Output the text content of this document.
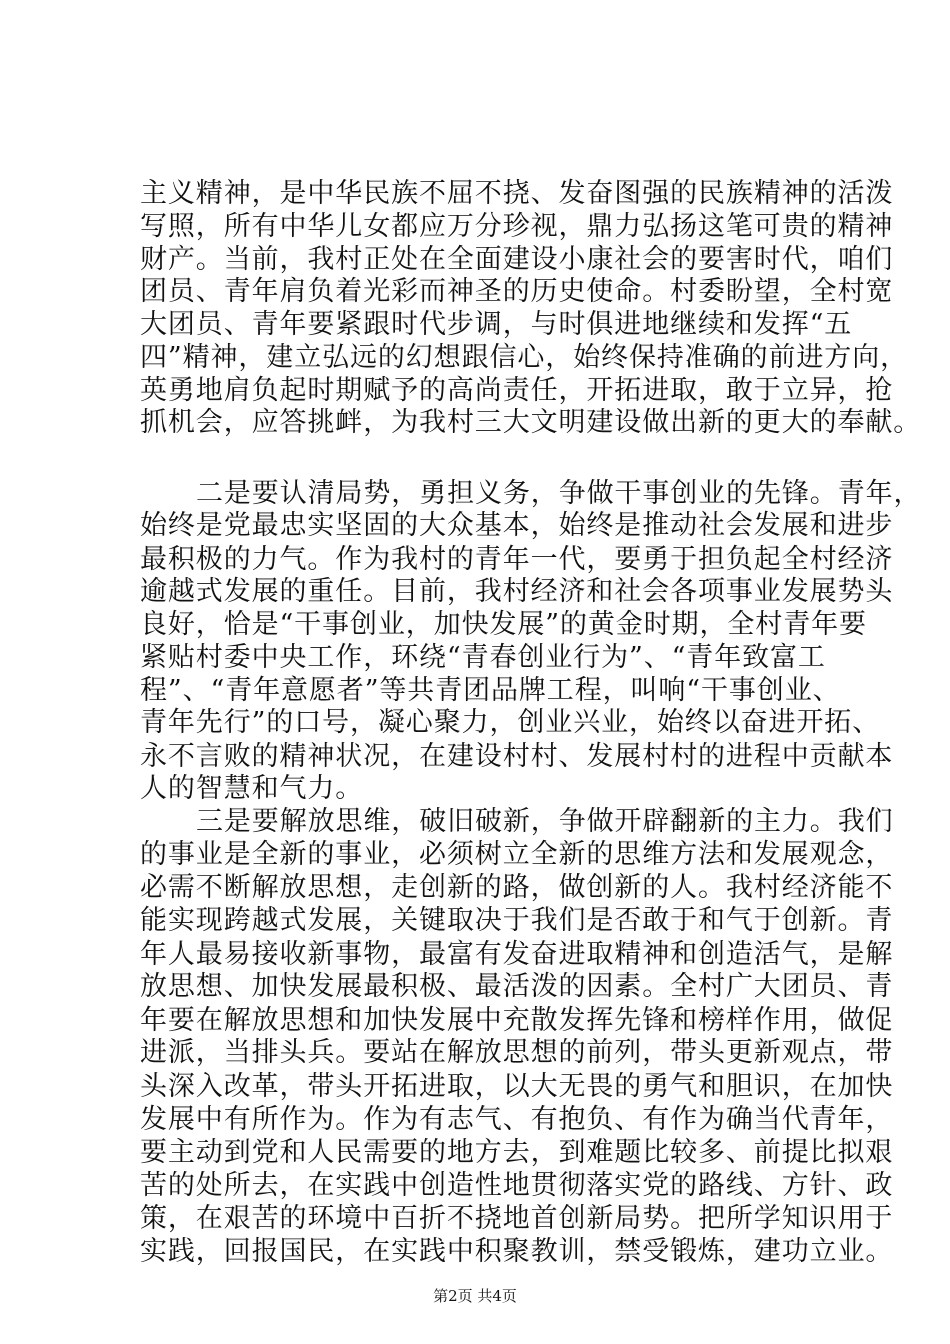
主义精神，是中华民族不屈不挠、发奋图强的民族精神的活泼
写照，所有中华儿女都应万分珍视，鼎力弘扬这笔可贵的精神
财产。当前，我村正处在全面建设小康社会的要害时代，咱们
团员、青年肩负着光彩而神圣的历史使命。村委盼望，全村宽
大团员、青年要紧跟时代步调，与时俱进地继续和发挥“五
四”精神，建立弘远的幻想跟信心，始终保持准确的前进方向，
英勇地肩负起时期赋予的高尚责任，开拓进取，敢于立异，抢
抓机会，应答挑衅，为我村三大文明建设做出新的更大的奉献。
二是要认清局势，勇担义务，争做干事创业的先锋。青年，
始终是党最忠实坚固的大众基本，始终是推动社会发展和进步
最积极的力气。作为我村的青年一代，要勇于担负起全村经济
逾越式发展的重任。目前，我村经济和社会各项事业发展势头
良好，恰是“干事创业，加快发展”的黄金时期，全村青年要
紧贴村委中央工作，环绕“青春创业行为”、“青年致富工
程”、“青年意愿者”等共青团品牌工程，叫响“干事创业、
青年先行”的口号，凝心聚力，创业兴业，始终以奋进开拓、
永不言败的精神状况，在建设村村、发展村村的进程中贡献本
人的智慧和气力。
三是要解放思维，破旧破新，争做开辟翻新的主力。我们
的事业是全新的事业，必须树立全新的思维方法和发展观念，
必需不断解放思想，走创新的路，做创新的人。我村经济能不
能实现跨越式发展，关键取决于我们是否敢于和气于创新。青
年人最易接收新事物，最富有发奋进取精神和创造活气，是解
放思想、加快发展最积极、最活泼的因素。全村广大团员、青
年要在解放思想和加快发展中充散发挥先锋和榜样作用，做促
进派，当排头兵。要站在解放思想的前列，带头更新观点，带
头深入改革，带头开拓进取，以大无畏的勇气和胆识，在加快
发展中有所作为。作为有志气、有抱负、有作为确当代青年，
要主动到党和人民需要的地方去，到难题比较多、前提比拟艰
苦的处所去，在实践中创造性地贯彻落实党的路线、方针、政
策，在艰苦的环境中百折不挠地首创新局势。把所学知识用于
实践，回报国民，在实践中积聚教训，禁受锻炼，建功立业。
第2页 共4页
